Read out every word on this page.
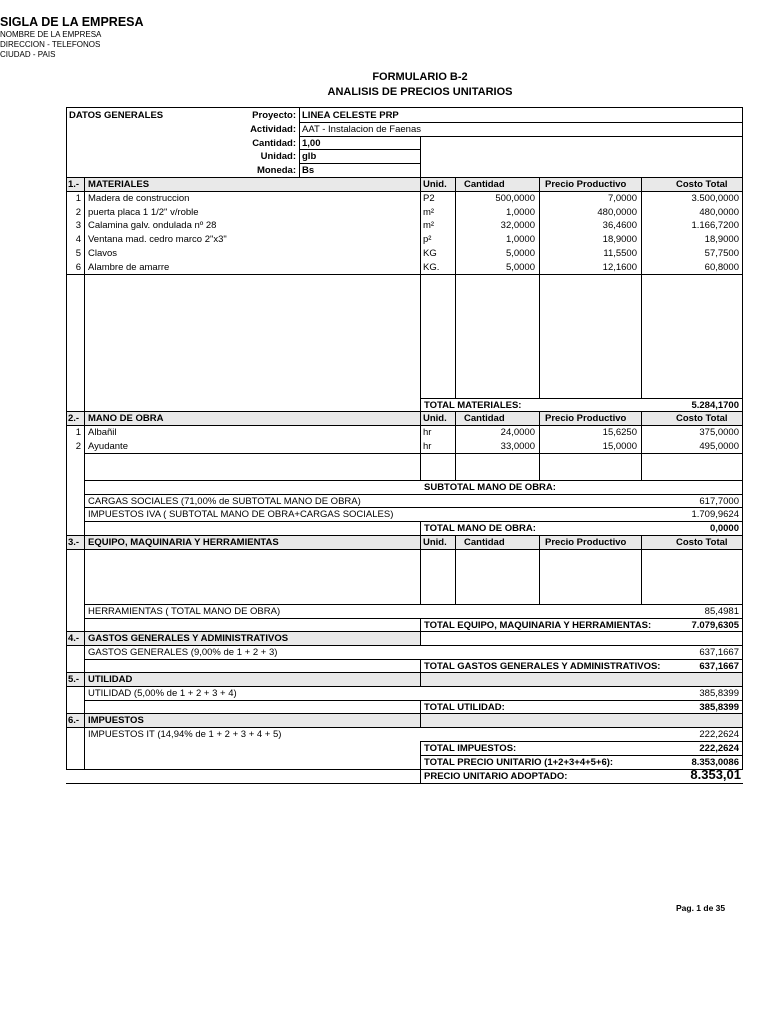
SIGLA DE LA EMPRESA
NOMBRE DE LA EMPRESA
DIRECCION - TELEFONOS
CIUDAD - PAIS
FORMULARIO B-2
ANALISIS DE PRECIOS UNITARIOS
DATOS GENERALES	Proyecto: LINEA CELESTE PRP
Actividad: AAT - Instalacion de Faenas
Cantidad: 1,00
Unidad: glb
Moneda: Bs
1.- MATERIALES	Unid. Cantidad	Precio Productivo	Costo Total
1 Madera de construccion	P2	500,0000	7,0000	3.500,0000
2 puerta placa 1 1/2" v/roble	m²	1,0000	480,0000	480,0000
3 Calamina galv. ondulada nº 28	m²	32,0000	36,4600	1.166,7200
4 Ventana mad. cedro marco 2"x3"	p²	1,0000	18,9000	18,9000
5 Clavos	KG	5,0000	11,5500	57,7500
6 Alambre de amarre	KG.	5,0000	12,1600	60,8000
TOTAL MATERIALES:	5.284,1700
2.- MANO DE OBRA	Unid. Cantidad	Precio Productivo	Costo Total
1 Albañil	hr	24,0000	15,6250	375,0000
2 Ayudante	hr	33,0000	15,0000	495,0000
SUBTOTAL MANO DE OBRA:
CARGAS SOCIALES (71,00% de SUBTOTAL MANO DE OBRA)	617,7000
IMPUESTOS IVA ( SUBTOTAL MANO DE OBRA+CARGAS SOCIALES)	1.709,9624
TOTAL MANO DE OBRA:	0,0000
3.- EQUIPO, MAQUINARIA Y HERRAMIENTAS	Unid. Cantidad	Precio Productivo	Costo Total
HERRAMIENTAS ( TOTAL MANO DE OBRA)	85,4981
TOTAL EQUIPO, MAQUINARIA Y HERRAMIENTAS:	7.079,6305
4.- GASTOS GENERALES Y ADMINISTRATIVOS
GASTOS GENERALES (9,00% de 1 + 2 + 3)	637,1667
TOTAL GASTOS GENERALES Y ADMINISTRATIVOS:	637,1667
5.- UTILIDAD
UTILIDAD (5,00% de 1 + 2 + 3 + 4)	385,8399
TOTAL UTILIDAD:	385,8399
6.- IMPUESTOS
IMPUESTOS IT (14,94% de 1 + 2 + 3 + 4 + 5)	222,2624
TOTAL IMPUESTOS:	222,2624
TOTAL PRECIO UNITARIO (1+2+3+4+5+6):	8.353,0086
PRECIO UNITARIO ADOPTADO:	8.353,01
Pag. 1 de 35
